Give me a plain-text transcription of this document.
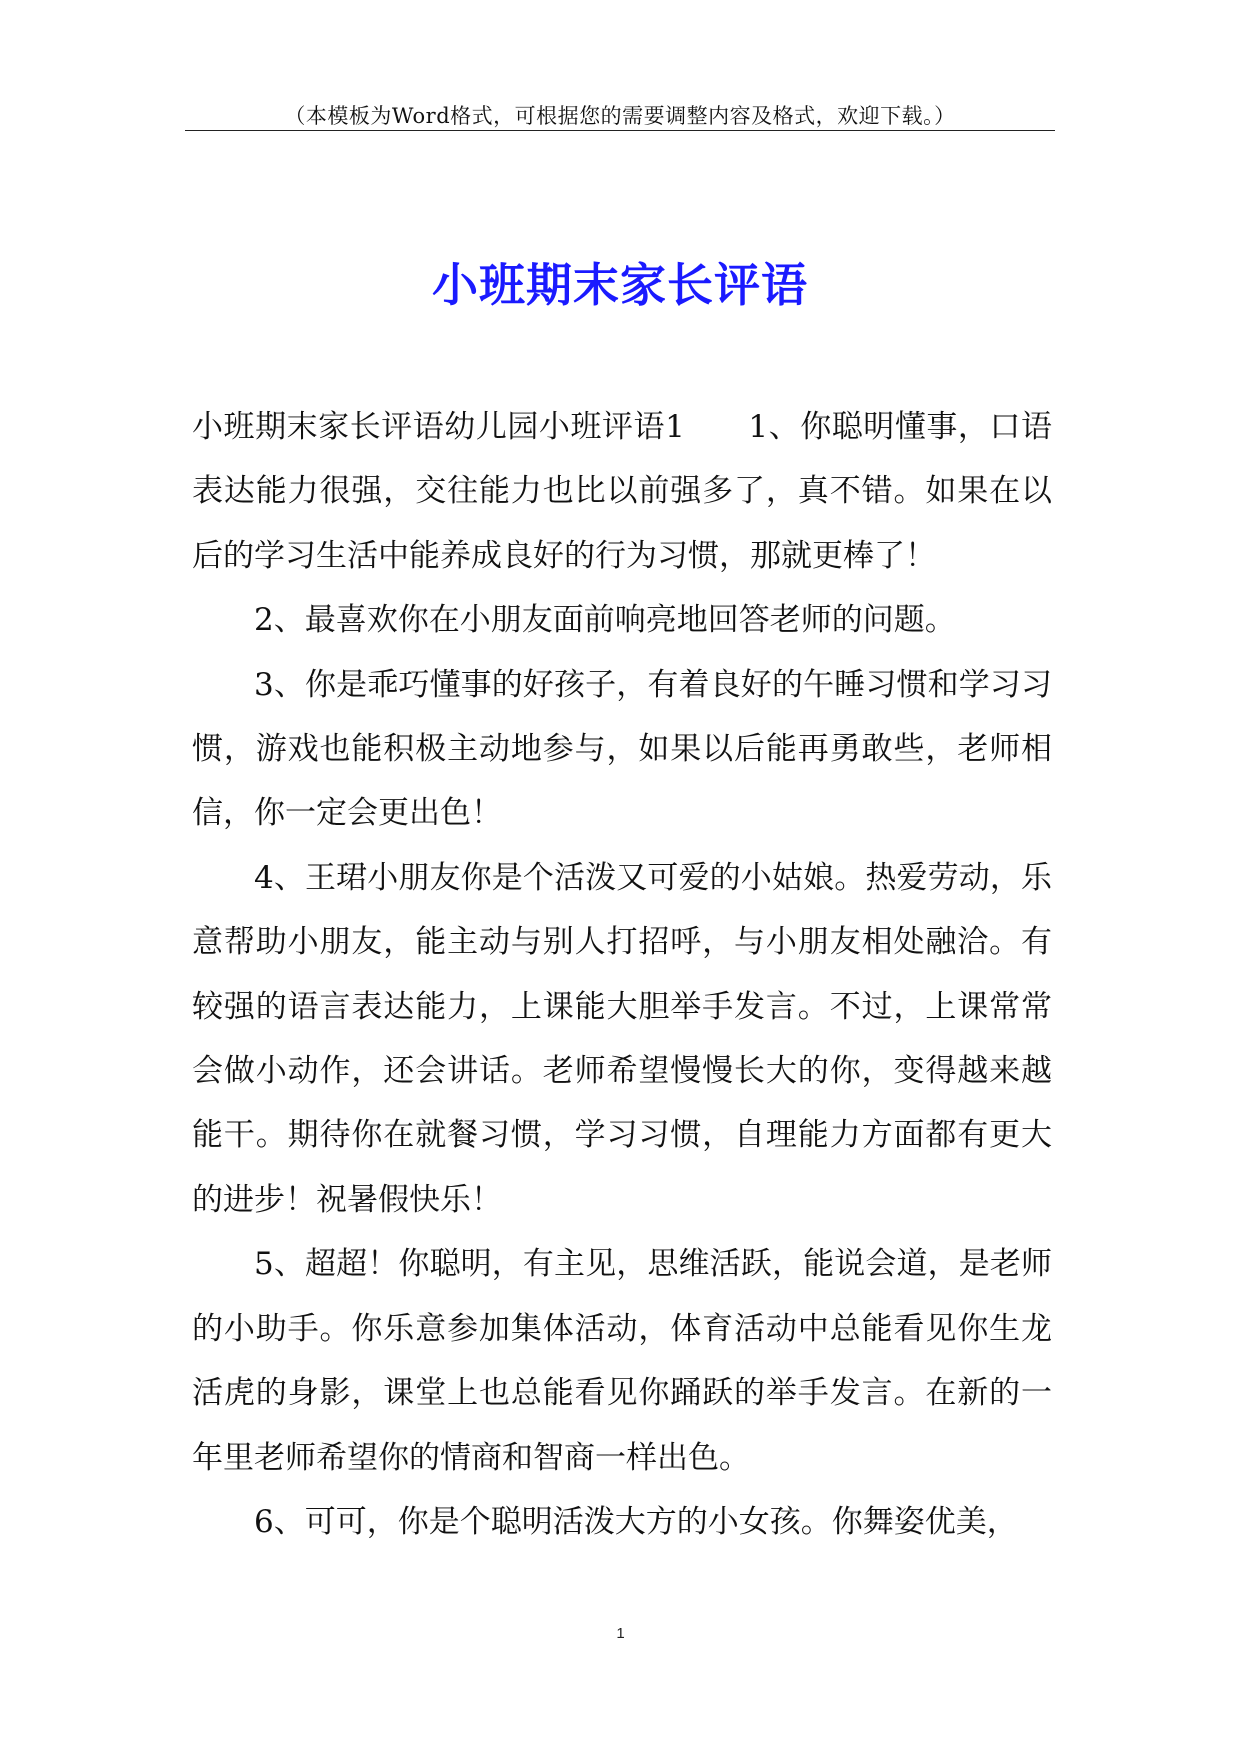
（本模板为Word格式，可根据您的需要调整内容及格式，欢迎下载。）
小班期末家长评语

小班期末家长评语幼儿园小班评语1　　1、你聪明懂事，口语表达能力很强，交往能力也比以前强多了，真不错。如果在以后的学习生活中能养成良好的行为习惯，那就更棒了！

2、最喜欢你在小朋友面前响亮地回答老师的问题。

3、你是乖巧懂事的好孩子，有着良好的午睡习惯和学习习惯，游戏也能积极主动地参与，如果以后能再勇敢些，老师相信，你一定会更出色！

4、王珺小朋友你是个活泼又可爱的小姑娘。热爱劳动，乐意帮助小朋友，能主动与别人打招呼，与小朋友相处融洽。有较强的语言表达能力，上课能大胆举手发言。不过，上课常常会做小动作，还会讲话。老师希望慢慢长大的你，变得越来越能干。期待你在就餐习惯，学习习惯，自理能力方面都有更大的进步！祝暑假快乐！

5、超超！你聪明，有主见，思维活跃，能说会道，是老师的小助手。你乐意参加集体活动，体育活动中总能看见你生龙活虎的身影，课堂上也总能看见你踊跃的举手发言。在新的一年里老师希望你的情商和智商一样出色。

6、可可，你是个聪明活泼大方的小女孩。你舞姿优美，

1
